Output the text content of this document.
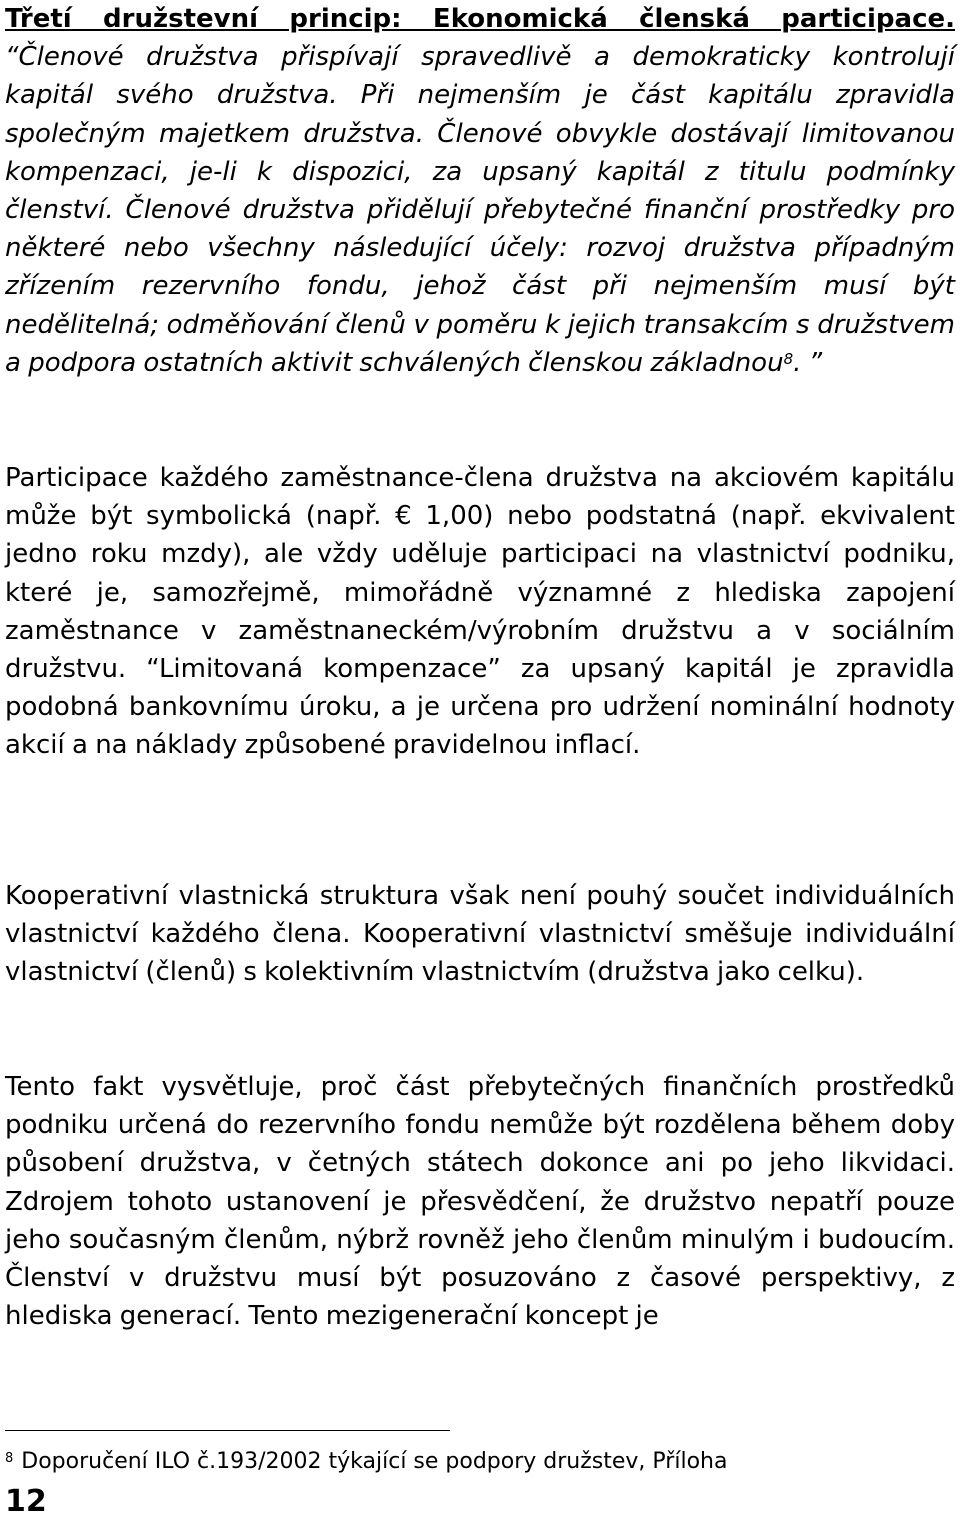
Třetí družstevní princip: Ekonomická členská participace. “Členové družstva přispívají spravedlivě a demokraticky kontrolují kapitál svého družstva. Při nejmenším je část kapitálu zpravidla společným majetkem družstva. Členové obvykle dostávají limitovanou kompenzaci, je-li k dispozici, za upsaný kapitál z titulu podmínky členství. Členové družstva přidělují přebytečné finanční prostředky pro některé nebo všechny následující účely: rozvoj družstva případným zřízením rezervního fondu, jehož část při nejmenším musí být nedělitelná; odměňování členů v poměru k jejich transakcím s družstvem a podpora ostatních aktivit schválených členskou základnou$^8$. ”

Participace každého zaměstnance-člena družstva na akciovém kapitálu může být symbolická (např. € 1,00) nebo podstatná (např. ekvivalent jedno roku mzdy), ale vždy uděluje participaci na vlastnictví podniku, které je, samozřejmě, mimořádně významné z hlediska zapojení zaměstnance v zaměstnaneckém/výrobním družstvu a v sociálním družstvu. “Limitovaná kompenzace” za upsaný kapitál je zpravidla podobná bankovnímu úroku, a je určena pro udržení nominální hodnoty akcií a na náklady způsobené pravidelnou inflací.

Kooperativní vlastnická struktura však není pouhý součet individuálních vlastnictví každého člena. Kooperativní vlastnictví směšuje individuální vlastnictví (členů) s kolektivním vlastnictvím (družstva jako celku).

Tento fakt vysvětluje, proč část přebytečných finančních prostředků podniku určená do rezervního fondu nemůže být rozdělena během doby působení družstva, v četných státech dokonce ani po jeho likvidaci. Zdrojem tohoto ustanovení je přesvědčení, že družstvo nepatří pouze jeho současným členům, nýbrž rovněž jeho členům minulým i budoucím. Členství v družstvu musí být posuzováno z časové perspektivy, z hlediska generací. Tento mezigenerační koncept je

$^8$ Doporučení ILO č.193/2002 týkající se podpory družstev, Příloha
12
